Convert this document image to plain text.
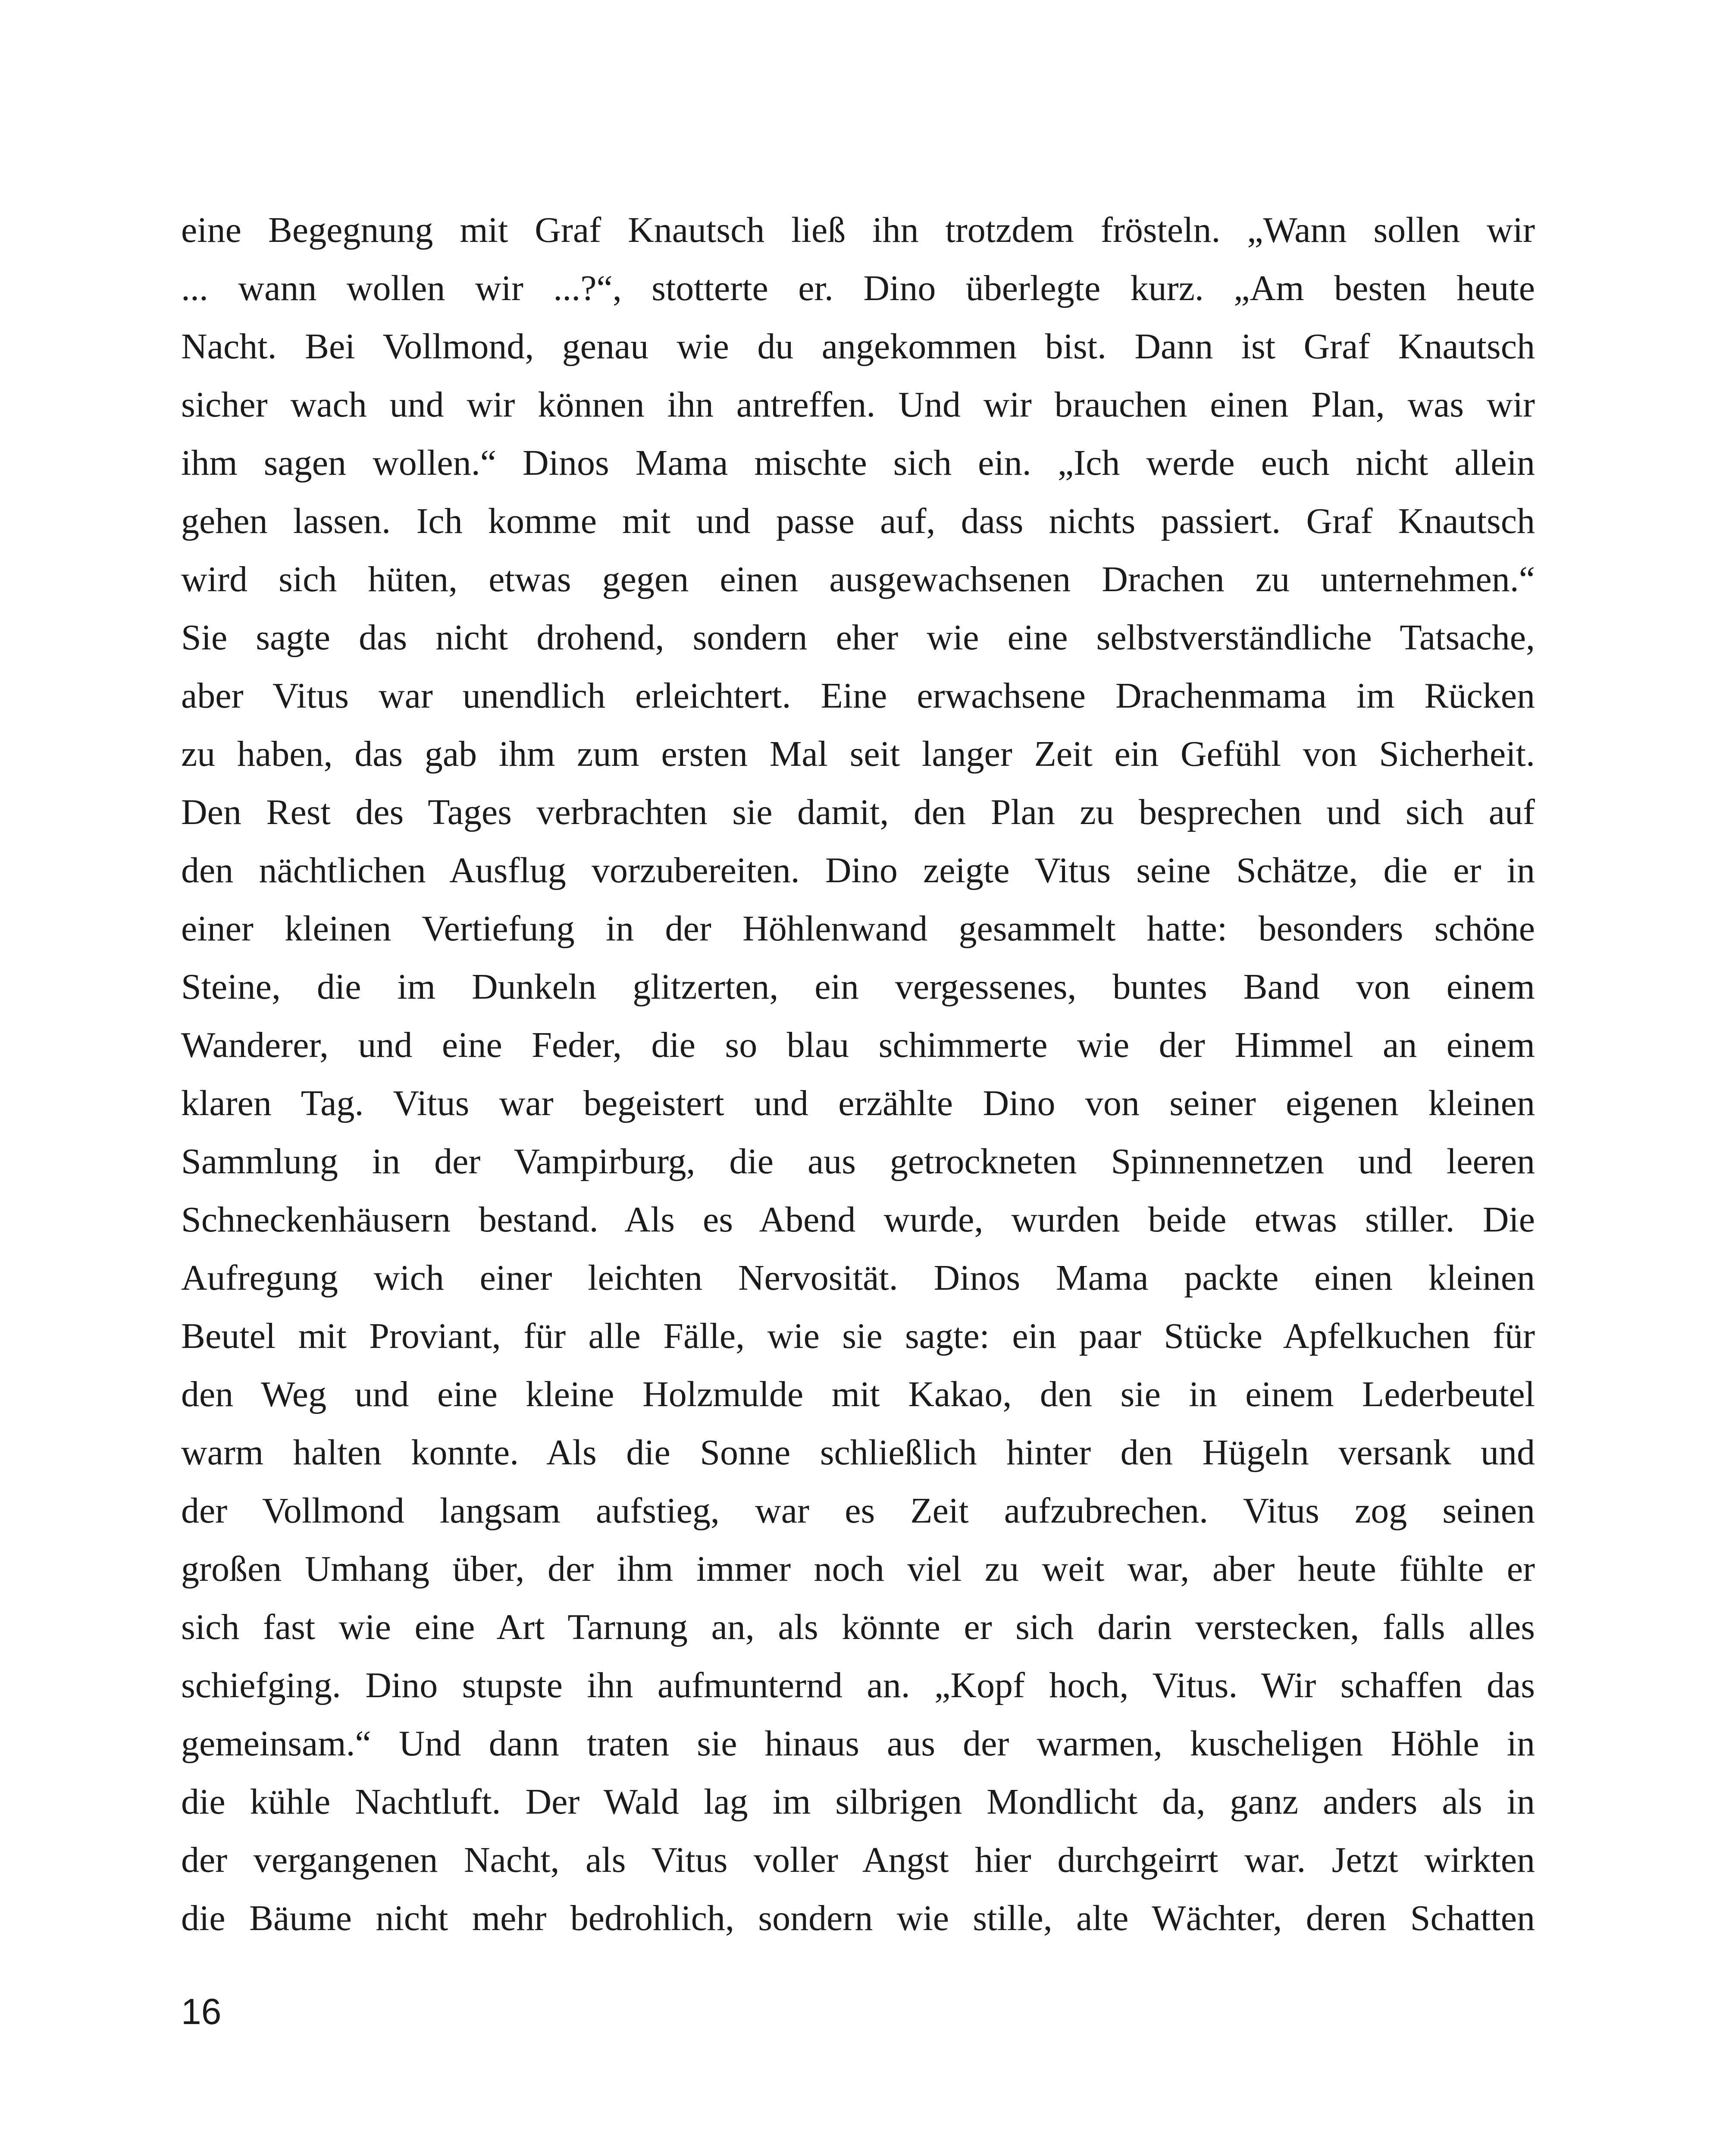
eine Begegnung mit Graf Knautsch ließ ihn trotzdem frösteln. „Wann sollen wir
... wann wollen wir ...?“, stotterte er. Dino überlegte kurz. „Am besten heute
Nacht. Bei Vollmond, genau wie du angekommen bist. Dann ist Graf Knautsch
sicher wach und wir können ihn antreffen. Und wir brauchen einen Plan, was wir
ihm sagen wollen.“ Dinos Mama mischte sich ein. „Ich werde euch nicht allein
gehen lassen. Ich komme mit und passe auf, dass nichts passiert. Graf Knautsch
wird sich hüten, etwas gegen einen ausgewachsenen Drachen zu unternehmen.“
Sie sagte das nicht drohend, sondern eher wie eine selbstverständliche Tatsache,
aber Vitus war unendlich erleichtert. Eine erwachsene Drachenmama im Rücken
zu haben, das gab ihm zum ersten Mal seit langer Zeit ein Gefühl von Sicherheit.
Den Rest des Tages verbrachten sie damit, den Plan zu besprechen und sich auf
den nächtlichen Ausflug vorzubereiten. Dino zeigte Vitus seine Schätze, die er in
einer kleinen Vertiefung in der Höhlenwand gesammelt hatte: besonders schöne
Steine, die im Dunkeln glitzerten, ein vergessenes, buntes Band von einem
Wanderer, und eine Feder, die so blau schimmerte wie der Himmel an einem
klaren Tag. Vitus war begeistert und erzählte Dino von seiner eigenen kleinen
Sammlung in der Vampirburg, die aus getrockneten Spinnennetzen und leeren
Schneckenhäusern bestand. Als es Abend wurde, wurden beide etwas stiller. Die
Aufregung wich einer leichten Nervosität. Dinos Mama packte einen kleinen
Beutel mit Proviant, für alle Fälle, wie sie sagte: ein paar Stücke Apfelkuchen für
den Weg und eine kleine Holzmulde mit Kakao, den sie in einem Lederbeutel
warm halten konnte. Als die Sonne schließlich hinter den Hügeln versank und
der Vollmond langsam aufstieg, war es Zeit aufzubrechen. Vitus zog seinen
großen Umhang über, der ihm immer noch viel zu weit war, aber heute fühlte er
sich fast wie eine Art Tarnung an, als könnte er sich darin verstecken, falls alles
schiefging. Dino stupste ihn aufmunternd an. „Kopf hoch, Vitus. Wir schaffen das
gemeinsam.“ Und dann traten sie hinaus aus der warmen, kuscheligen Höhle in
die kühle Nachtluft. Der Wald lag im silbrigen Mondlicht da, ganz anders als in
der vergangenen Nacht, als Vitus voller Angst hier durchgeirrt war. Jetzt wirkten
die Bäume nicht mehr bedrohlich, sondern wie stille, alte Wächter, deren Schatten
16
